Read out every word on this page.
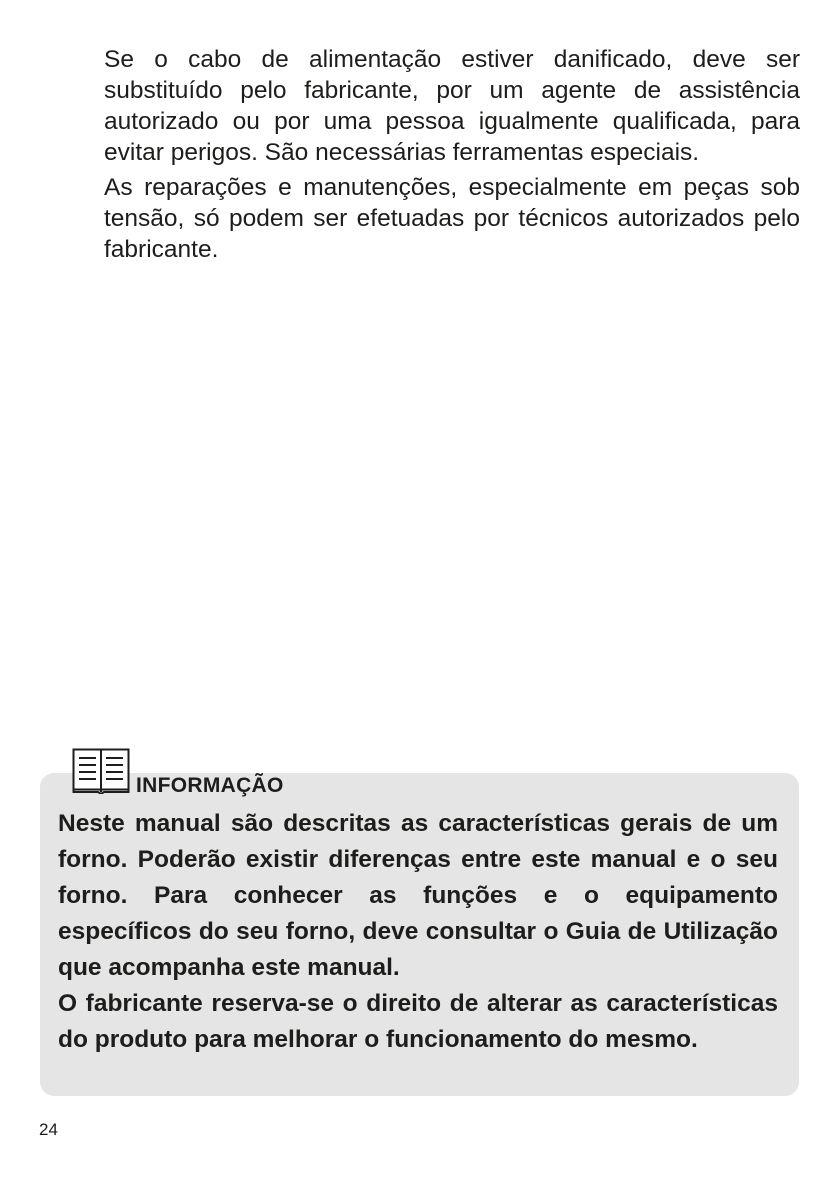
Se o cabo de alimentação estiver danificado, deve ser substituído pelo fabricante, por um agente de assistência autorizado ou por uma pessoa igualmente qualificada, para evitar perigos. São necessárias ferramentas especiais.

As reparações e manutenções, especialmente em peças sob tensão, só podem ser efetuadas por técnicos autorizados pelo fabricante.

INFORMAÇÃO

Neste manual são descritas as características gerais de um forno. Poderão existir diferenças entre este manual e o seu forno. Para conhecer as funções e o equipamento específicos do seu forno, deve consultar o Guia de Utilização que acompanha este manual.

O fabricante reserva-se o direito de alterar as características do produto para melhorar o funcionamento do mesmo.

24
